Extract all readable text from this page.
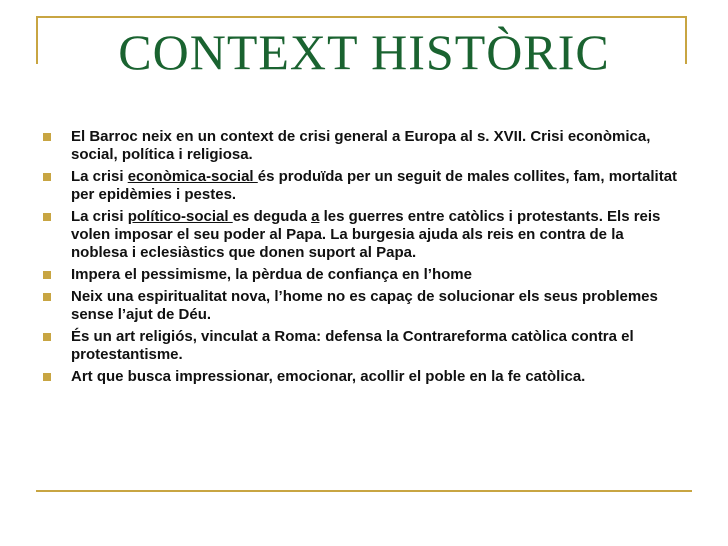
CONTEXT HISTÒRIC
El Barroc neix en un context de crisi general a Europa al s. XVII. Crisi econòmica, social, política i religiosa.
La crisi econòmica-social és produïda per un seguit de males collites, fam, mortalitat per epidèmies i pestes.
La crisi político-social es deguda a les guerres entre catòlics i protestants. Els reis volen imposar el seu poder al Papa. La burgesia ajuda als reis en contra de la noblesa i eclesiàstics que donen suport al Papa.
Impera el pessimisme, la pèrdua de confiança en l’home
Neix una espiritualitat nova, l’home no es capaç de solucionar els seus problemes sense l’ajut de Déu.
És un art religiós, vinculat a Roma: defensa la Contrareforma catòlica contra el protestantisme.
Art que busca impressionar, emocionar, acollir el poble en la fe catòlica.
